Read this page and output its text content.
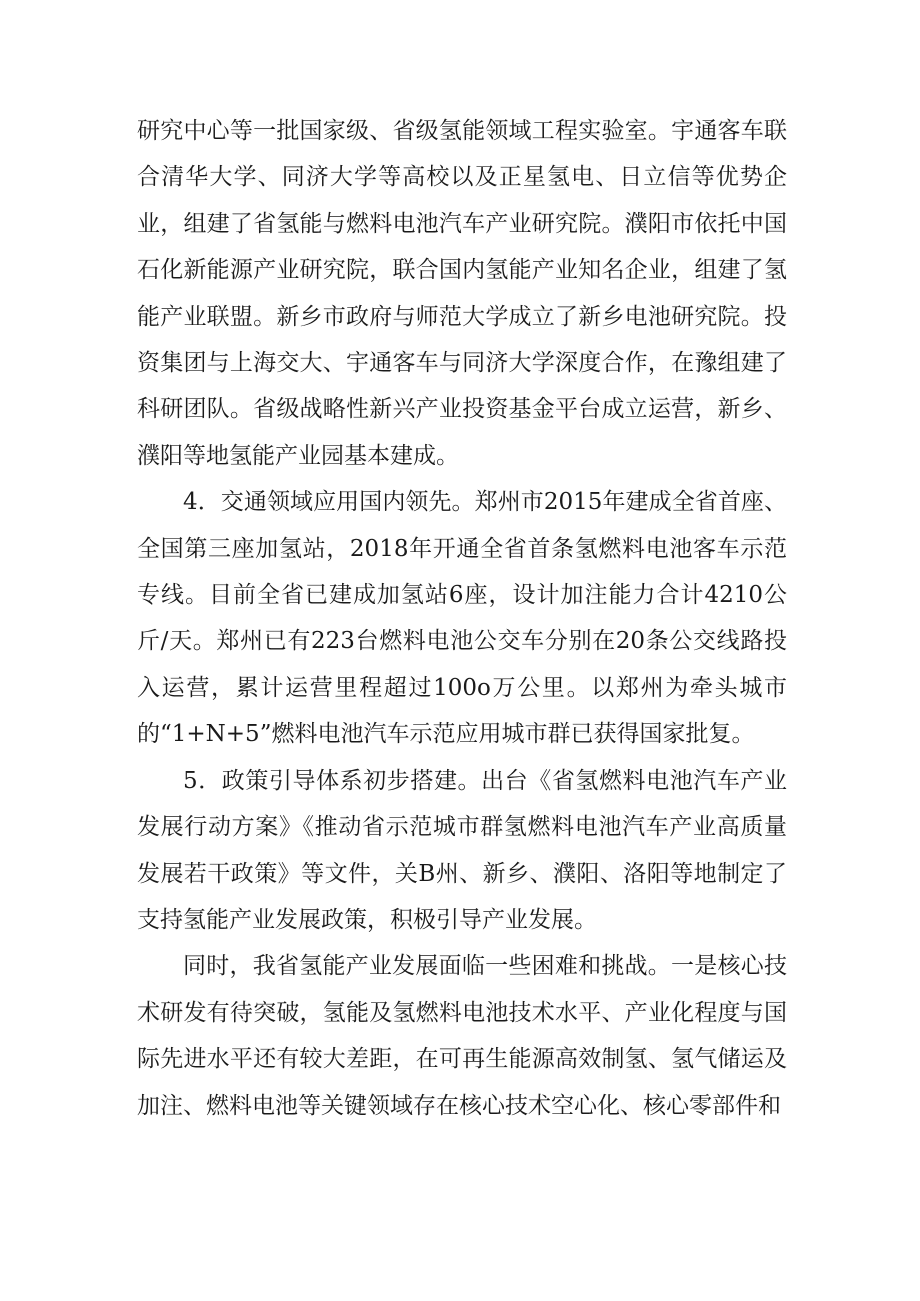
研究中心等一批国家级、省级氢能领域工程实验室。宇通客车联合清华大学、同济大学等高校以及正星氢电、日立信等优势企业，组建了省氢能与燃料电池汽车产业研究院。濮阳市依托中国石化新能源产业研究院，联合国内氢能产业知名企业，组建了氢能产业联盟。新乡市政府与师范大学成立了新乡电池研究院。投资集团与上海交大、宇通客车与同济大学深度合作，在豫组建了科研团队。省级战略性新兴产业投资基金平台成立运营，新乡、濮阳等地氢能产业园基本建成。

4．交通领域应用国内领先。郑州市2015年建成全省首座、全国第三座加氢站，2018年开通全省首条氢燃料电池客车示范专线。目前全省已建成加氢站6座，设计加注能力合计4210公斤/天。郑州已有223台燃料电池公交车分别在20条公交线路投入运营，累计运营里程超过100o万公里。以郑州为牵头城市的“1+N+5”燃料电池汽车示范应用城市群已获得国家批复。

5．政策引导体系初步搭建。出台《省氢燃料电池汽车产业发展行动方案》《推动省示范城市群氢燃料电池汽车产业高质量发展若干政策》等文件，关B州、新乡、濮阳、洛阳等地制定了支持氢能产业发展政策，积极引导产业发展。

同时，我省氢能产业发展面临一些困难和挑战。一是核心技术研发有待突破，氢能及氢燃料电池技术水平、产业化程度与国际先进水平还有较大差距，在可再生能源高效制氢、氢气储运及加注、燃料电池等关键领域存在核心技术空心化、核心零部件和
